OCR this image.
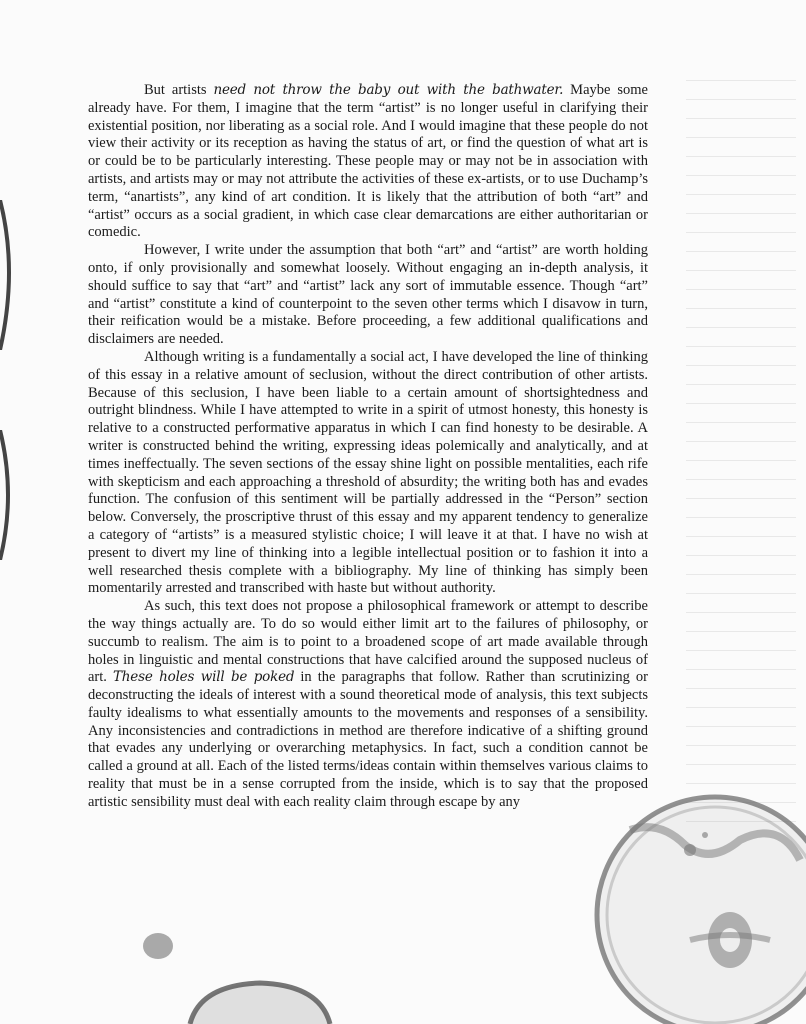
But artists need not throw the baby out with the bathwater. Maybe some already have. For them, I imagine that the term “artist” is no longer useful in clarifying their existential position, nor liberating as a social role. And I would imagine that these people do not view their activity or its reception as having the status of art, or find the question of what art is or could be to be particularly interesting. These people may or may not be in association with artists, and artists may or may not attribute the activities of these ex-artists, or to use Duchamp’s term, “anartists”, any kind of art condition. It is likely that the attribution of both “art” and “artist” occurs as a social gradient, in which case clear demarcations are either authoritarian or comedic.

However, I write under the assumption that both “art” and “artist” are worth holding onto, if only provisionally and somewhat loosely. Without engaging an in-depth analysis, it should suffice to say that “art” and “artist” lack any sort of immutable essence. Though “art” and “artist” constitute a kind of counterpoint to the seven other terms which I disavow in turn, their reification would be a mistake. Before proceeding, a few additional qualifications and disclaimers are needed.

Although writing is a fundamentally a social act, I have developed the line of thinking of this essay in a relative amount of seclusion, without the direct contribution of other artists. Because of this seclusion, I have been liable to a certain amount of shortsightedness and outright blindness. While I have attempted to write in a spirit of utmost honesty, this honesty is relative to a constructed performative apparatus in which I can find honesty to be desirable. A writer is constructed behind the writing, expressing ideas polemically and analytically, and at times ineffectually. The seven sections of the essay shine light on possible mentalities, each rife with skepticism and each approaching a threshold of absurdity; the writing both has and evades function. The confusion of this sentiment will be partially addressed in the “Person” section below. Conversely, the proscriptive thrust of this essay and my apparent tendency to generalize a category of “artists” is a measured stylistic choice; I will leave it at that. I have no wish at present to divert my line of thinking into a legible intellectual position or to fashion it into a well researched thesis complete with a bibliography. My line of thinking has simply been momentarily arrested and transcribed with haste but without authority.

As such, this text does not propose a philosophical framework or attempt to describe the way things actually are. To do so would either limit art to the failures of philosophy, or succumb to realism. The aim is to point to a broadened scope of art made available through holes in linguistic and mental constructions that have calcified around the supposed nucleus of art. These holes will be poked in the paragraphs that follow. Rather than scrutinizing or deconstructing the ideals of interest with a sound theoretical mode of analysis, this text subjects faulty idealisms to what essentially amounts to the movements and responses of a sensibility. Any inconsistencies and contradictions in method are therefore indicative of a shifting ground that evades any underlying or overarching metaphysics. In fact, such a condition cannot be called a ground at all. Each of the listed terms/ideas contain within themselves various claims to reality that must be in a sense corrupted from the inside, which is to say that the proposed artistic sensibility must deal with each reality claim through escape by any
